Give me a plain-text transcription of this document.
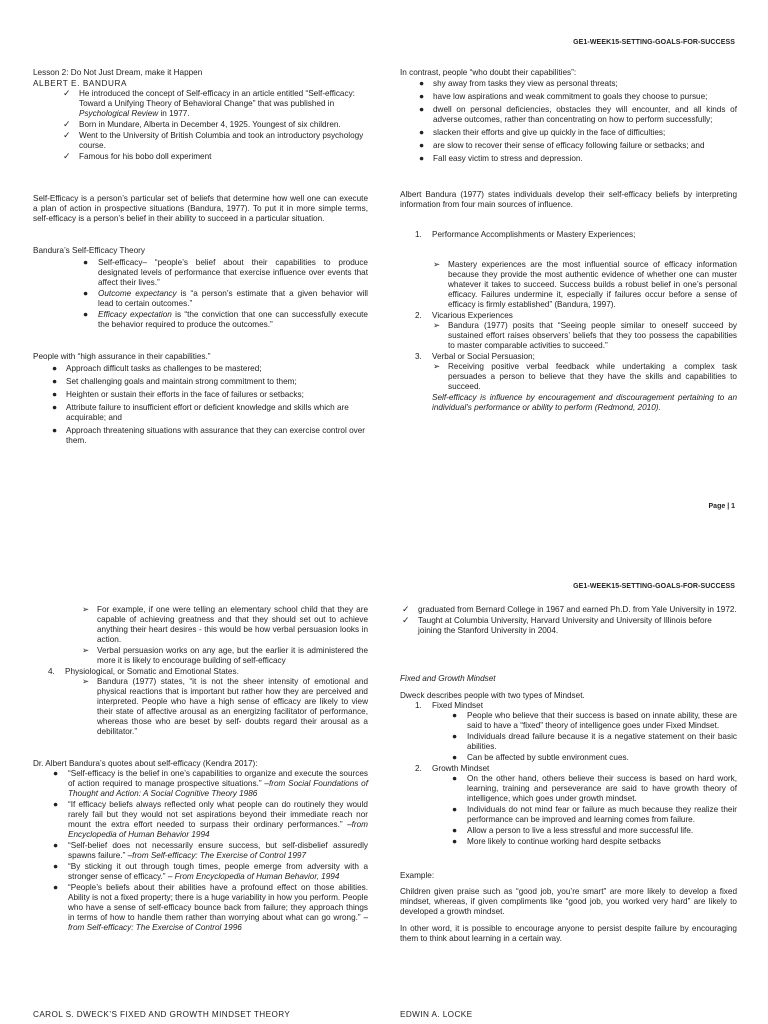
GE1-WEEK15-SETTING-GOALS-FOR-SUCCESS

Lesson 2: Do Not Just Dream, make it Happen

ALBERT E. BANDURA

✓ He introduced the concept of Self-efficacy in an article entitled “Self-efficacy: Toward a Unifying Theory of Behavioral Change” that was published in Psychological Review in 1977.
✓ Born in Mundare, Alberta in December 4, 1925. Youngest of six children.
✓ Went to the University of British Columbia and took an introductory psychology course.
✓ Famous for his bobo doll experiment

Self-Efficacy is a person’s particular set of beliefs that determine how well one can execute a plan of action in prospective situations (Bandura, 1977). To put it in more simple terms, self-efficacy is a person’s belief in their ability to succeed in a particular situation.

Bandura’s Self-Efficacy Theory

● Self-efficacy– “people’s belief about their capabilities to produce designated levels of performance that exercise influence over events that affect their lives.”
● Outcome expectancy is “a person’s estimate that a given behavior will lead to certain outcomes.”
● Efficacy expectation is “the conviction that one can successfully execute the behavior required to produce the outcomes.”

People with “high assurance in their capabilities.”

● Approach difficult tasks as challenges to be mastered;
● Set challenging goals and maintain strong commitment to them;
● Heighten or sustain their efforts in the face of failures or setbacks;
● Attribute failure to insufficient effort or deficient knowledge and skills which are acquirable; and
● Approach threatening situations with assurance that they can exercise control over them.

In contrast, people “who doubt their capabilities”:

● shy away from tasks they view as personal threats;
● have low aspirations and weak commitment to goals they choose to pursue;
● dwell on personal deficiencies, obstacles they will encounter, and all kinds of adverse outcomes, rather than concentrating on how to perform successfully;
● slacken their efforts and give up quickly in the face of difficulties;
● are slow to recover their sense of efficacy following failure or setbacks; and
● Fall easy victim to stress and depression.

Albert Bandura (1977) states individuals develop their self-efficacy beliefs by interpreting information from four main sources of influence.

1. Performance Accomplishments or Mastery Experiences;
➢ Mastery experiences are the most influential source of efficacy information because they provide the most authentic evidence of whether one can muster whatever it takes to succeed. Success builds a robust belief in one’s personal efficacy. Failures undermine it, especially if failures occur before a sense of efficacy is firmly established” (Bandura, 1997).
2. Vicarious Experiences
➢ Bandura (1977) posits that “Seeing people similar to oneself succeed by sustained effort raises observers’ beliefs that they too possess the capabilities to master comparable activities to succeed.”
3. Verbal or Social Persuasion;
➢ Receiving positive verbal feedback while undertaking a complex task persuades a person to believe that they have the skills and capabilities to succeed.

Self-efficacy is influence by encouragement and discouragement pertaining to an individual’s performance or ability to perform (Redmond, 2010).

Page | 1
GE1-WEEK15-SETTING-GOALS-FOR-SUCCESS
➢ For example, if one were telling an elementary school child that they are capable of achieving greatness and that they should set out to achieve anything their heart desires - this would be how verbal persuasion looks in action.
➢ Verbal persuasion works on any age, but the earlier it is administered the more it is likely to encourage building of self-efficacy
4. Physiological, or Somatic and Emotional States.
➢ Bandura (1977) states, “it is not the sheer intensity of emotional and physical reactions that is important but rather how they are perceived and interpreted. People who have a high sense of efficacy are likely to view their state of affective arousal as an energizing facilitator of performance, whereas those who are beset by self- doubts regard their arousal as a debilitator.”

Dr. Albert Bandura’s quotes about self-efficacy (Kendra 2017):

● “Self-efficacy is the belief in one’s capabilities to organize and execute the sources of action required to manage prospective situations.” –from Social Foundations of Thought and Action: A Social Cognitive Theory 1986
● “If efficacy beliefs always reflected only what people can do routinely they would rarely fail but they would not set aspirations beyond their immediate reach nor mount the extra effort needed to surpass their ordinary performances.” –from Encyclopedia of Human Behavior 1994
● “Self-belief does not necessarily ensure success, but self-disbelief assuredly spawns failure.” –from Self-efficacy: The Exercise of Control 1997
● “By sticking it out through tough times, people emerge from adversity with a stronger sense of efficacy.” – From Encyclopedia of Human Behavior, 1994
● “People’s beliefs about their abilities have a profound effect on those abilities. Ability is not a fixed property; there is a huge variability in how you perform. People who have a sense of self-efficacy bounce back from failure; they approach things in terms of how to handle them rather than worrying about what can go wrong.” –from Self-efficacy: The Exercise of Control 1996

CAROL S. DWECK’S FIXED AND GROWTH MINDSET THEORY

✓ graduated from Bernard College in 1967 and earned Ph.D. from Yale University in 1972.
✓ Taught at Columbia University, Harvard University and University of Illinois before joining the Stanford University in 2004.

Fixed and Growth Mindset

Dweck describes people with two types of Mindset.

1. Fixed Mindset
● People who believe that their success is based on innate ability, these are said to have a “fixed” theory of intelligence goes under Fixed Mindset.
● Individuals dread failure because it is a negative statement on their basic abilities.
● Can be affected by subtle environment cues.
2. Growth Mindset
● On the other hand, others believe their success is based on hard work, learning, training and perseverance are said to have growth theory of intelligence, which goes under growth mindset.
● Individuals do not mind fear or failure as much because they realize their performance can be improved and learning comes from failure.
● Allow a person to live a less stressful and more successful life.
● More likely to continue working hard despite setbacks

Example:

Children given praise such as “good job, you’re smart” are more likely to develop a fixed mindset, whereas, if given compliments like “good job, you worked very hard” are likely to developed a growth mindset.

In other word, it is possible to encourage anyone to persist despite failure by encouraging them to think about learning in a certain way.

EDWIN A. LOCKE
